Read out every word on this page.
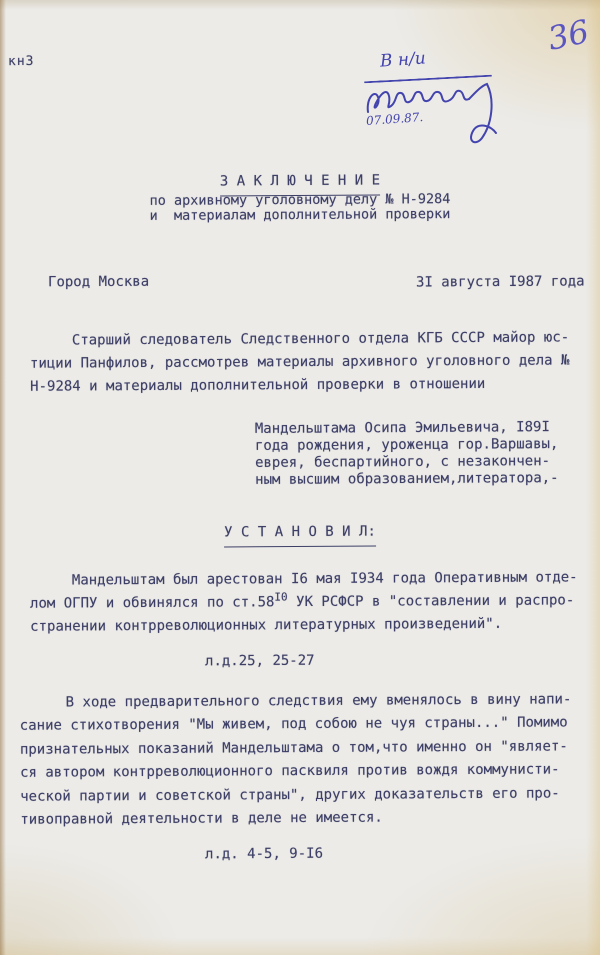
кн3
36
В н/и
07.09.87.
З А К Л Ю Ч Е Н И Е
по архивному уголовному делу № Н-9284
и  материалам дополнительной проверки
Город Москва	3I августа I987 года
Старший следователь Следственного отдела КГБ СССР майор юс-
тиции Панфилов, рассмотрев материалы архивного уголовного дела №
Н-9284 и материалы дополнительной проверки в отношении
Мандельштама Осипа Эмильевича, I89I
года рождения, уроженца гор.Варшавы,
еврея, беспартийного, с незакончен-
ным высшим образованием,литератора,-
У С Т А Н О В И Л:
Мандельштам был арестован I6 мая I934 года Оперативным отде-
лом ОГПУ и обвинялся по $ст.58^{I0}$ УК РСФСР в "составлении и распро-
странении контрреволюционных литературных произведений".
л.д.25, 25-27
В ходе предварительного следствия ему вменялось в вину напи-
сание стихотворения "Мы живем, под собою не чуя страны..." Помимо
признательных показаний Мандельштама о том,что именно он "являет-
ся автором контрреволюционного пасквиля против вождя коммунисти-
ческой партии и советской страны", других доказательств его про-
тивоправной деятельности в деле не имеется.
л.д. 4-5, 9-I6
